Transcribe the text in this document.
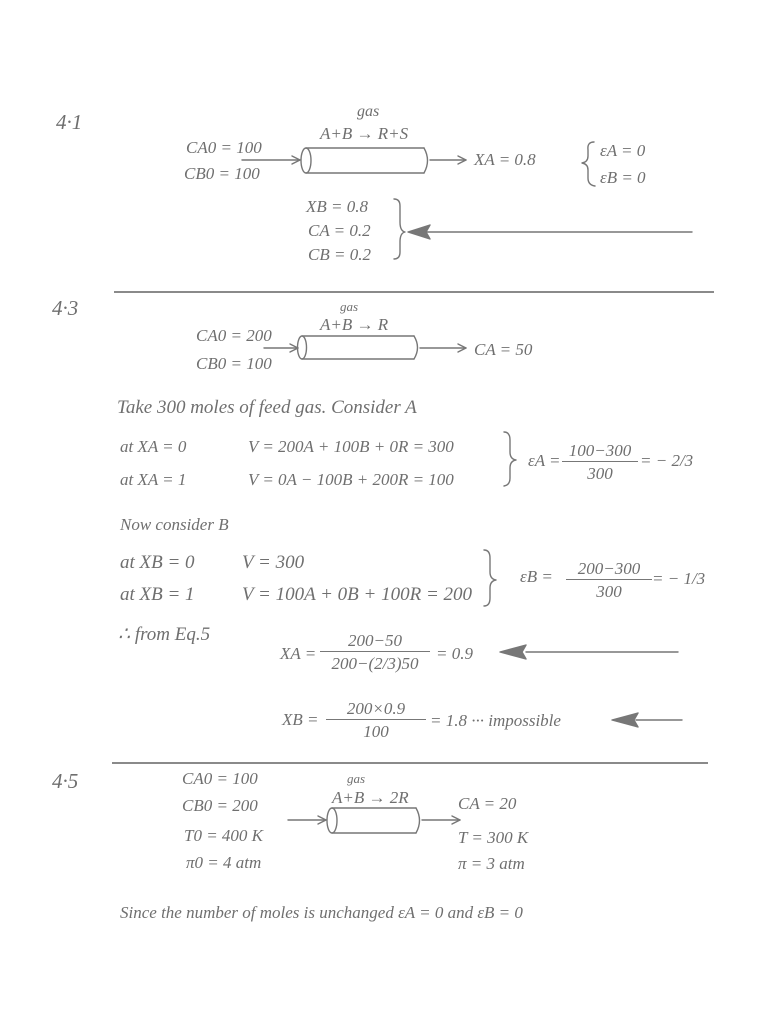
4·1	gas
A+B → R+S
CA0 = 100
CB0 = 100
XA = 0.8	εA = 0
εB = 0
XB = 0.8
CA = 0.2
CB = 0.2
4·3	gas
A+B → R
CA0 = 200
CB0 = 100
CA = 50
Take 300 moles of feed gas. Consider A
at XA = 0	V = 200A + 100B + 0R = 300
at XA = 1	V = 0A − 100B + 200R = 100
εA =
100−300
300
= − 2/3
Now consider B
at XB = 0 V = 300
at XB = 1 V = 100A + 0B + 100R = 200
εB =	200−300
300
= − 1/3
∴ from Eq.5
XA =
200−50
200−(2/3)50
= 0.9
XB =
200×0.9
100
= 1.8 ··· impossible
4·5	gas
A+B → 2R
CA0 = 100
CB0 = 200
T0 = 400 K
π0 = 4 atm
CA = 20
T = 300 K
π = 3 atm
Since the number of moles is unchanged εA = 0 and εB = 0
